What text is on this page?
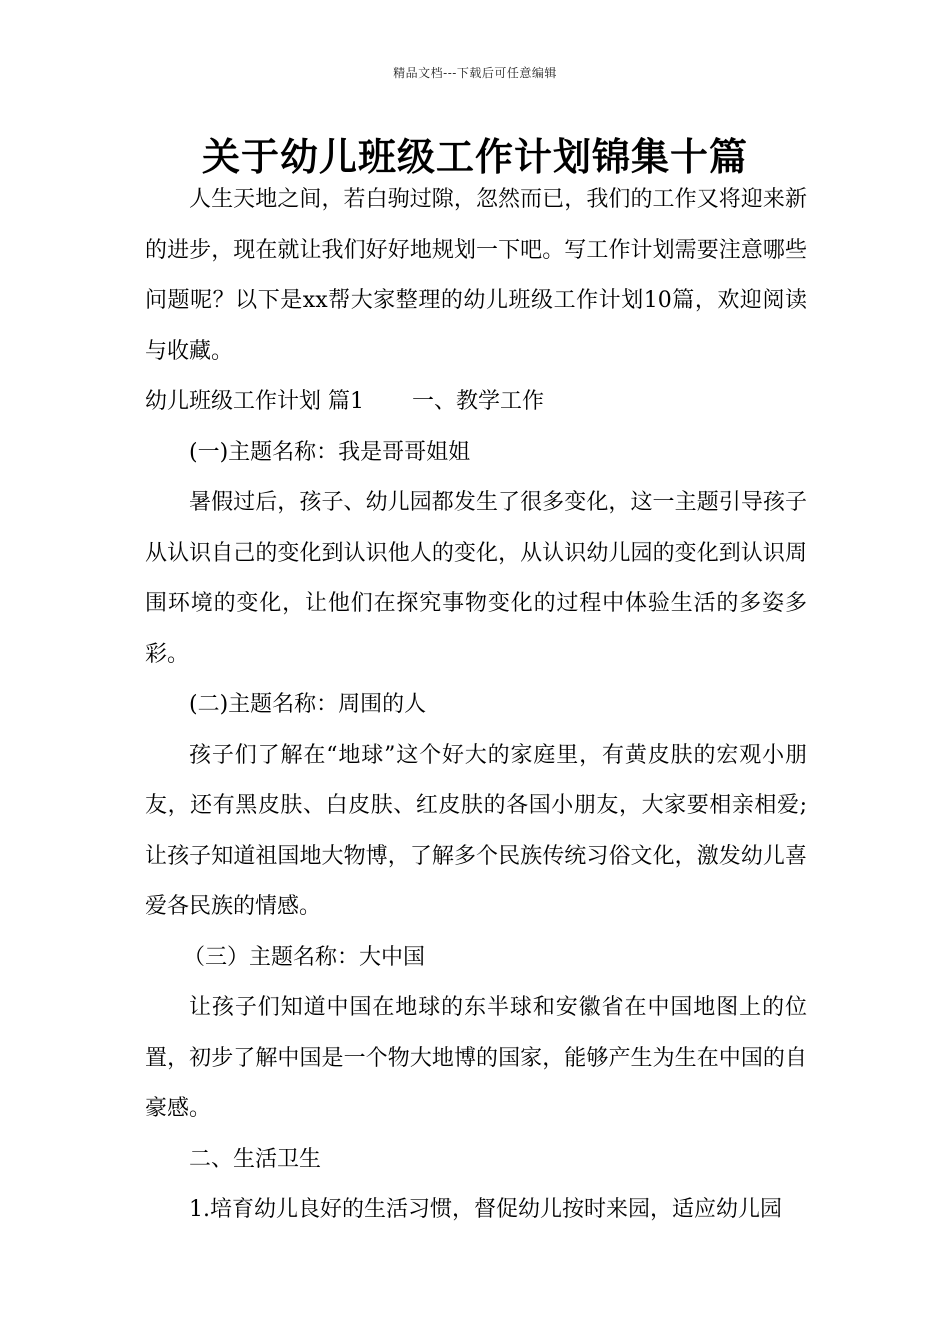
精品文档---下载后可任意编辑
关于幼儿班级工作计划锦集十篇

人生天地之间，若白驹过隙，忽然而已，我们的工作又将迎来新的进步，现在就让我们好好地规划一下吧。写工作计划需要注意哪些问题呢？以下是xx帮大家整理的幼儿班级工作计划10篇，欢迎阅读与收藏。

幼儿班级工作计划 篇1 一、教学工作

(一)主题名称：我是哥哥姐姐

暑假过后，孩子、幼儿园都发生了很多变化，这一主题引导孩子从认识自己的变化到认识他人的变化，从认识幼儿园的变化到认识周围环境的变化，让他们在探究事物变化的过程中体验生活的多姿多彩。

(二)主题名称：周围的人

孩子们了解在“地球”这个好大的家庭里，有黄皮肤的宏观小朋友，还有黑皮肤、白皮肤、红皮肤的各国小朋友，大家要相亲相爱;让孩子知道祖国地大物博，了解多个民族传统习俗文化，激发幼儿喜爱各民族的情感。

（三）主题名称：大中国

让孩子们知道中国在地球的东半球和安徽省在中国地图上的位置，初步了解中国是一个物大地博的国家，能够产生为生在中国的自豪感。

二、生活卫生

1.培育幼儿良好的生活习惯，督促幼儿按时来园，适应幼儿园
